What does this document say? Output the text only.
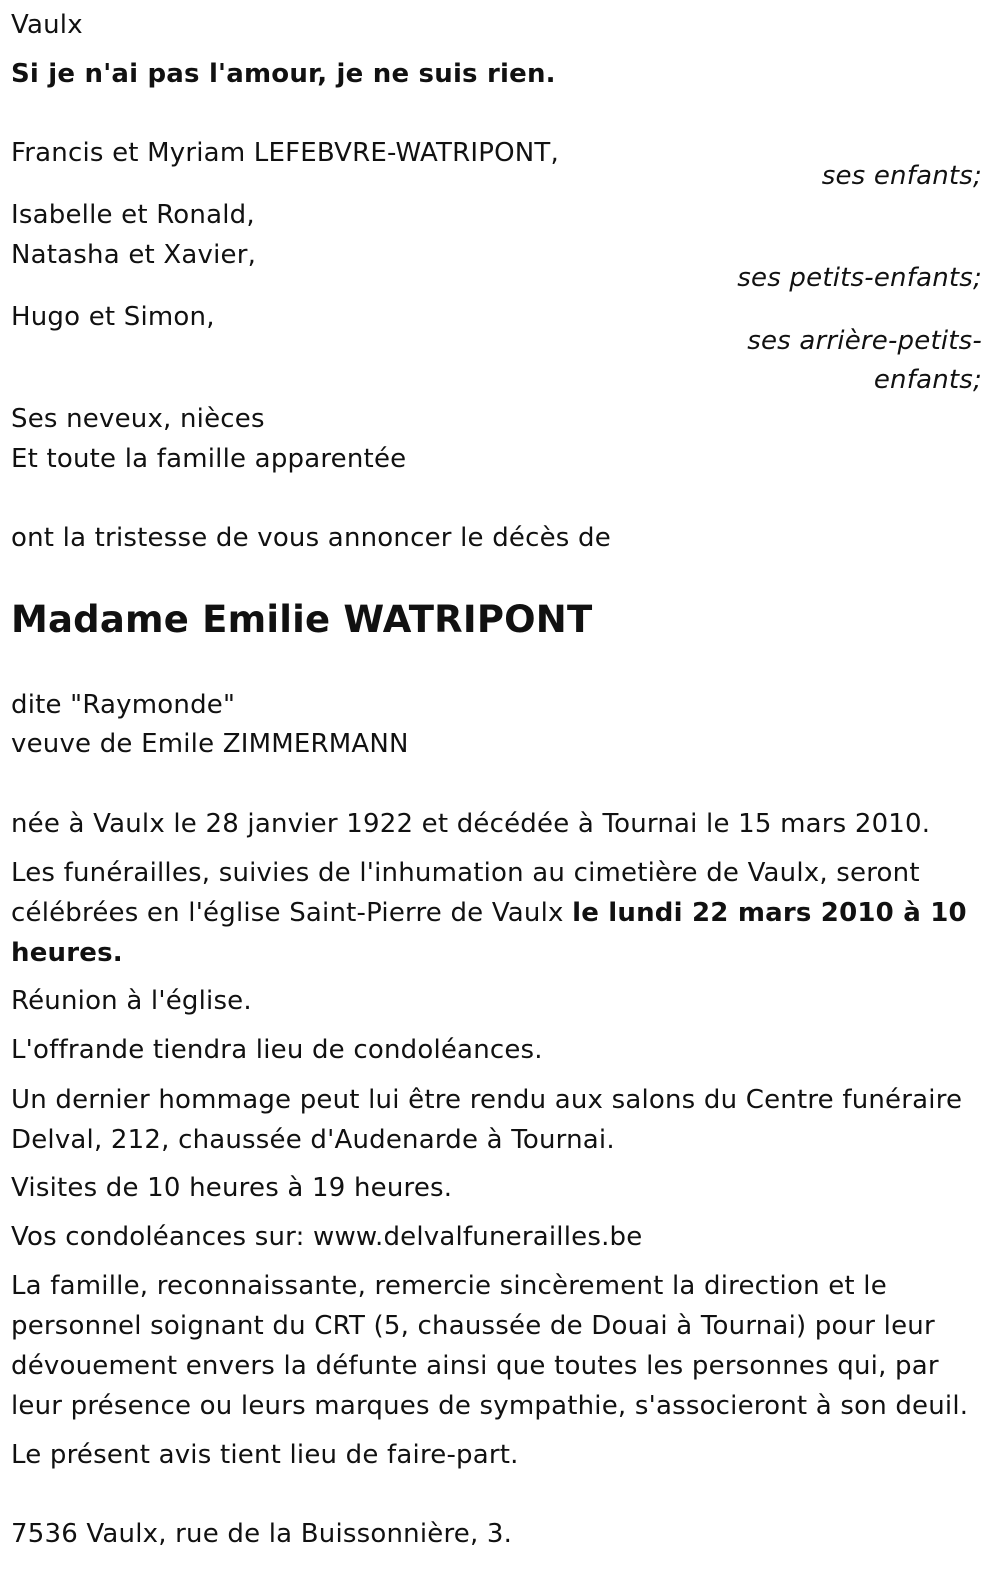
Vaulx
Si je n'ai pas l'amour, je ne suis rien.
Francis et Myriam LEFEBVRE-WATRIPONT,
ses enfants;
Isabelle et Ronald,
Natasha et Xavier,
ses petits-enfants;
Hugo et Simon,
ses arrière-petits-
enfants;
Ses neveux, nièces
Et toute la famille apparentée
ont la tristesse de vous annoncer le décès de
Madame Emilie WATRIPONT
dite "Raymonde"
veuve de Emile ZIMMERMANN
née à Vaulx le 28 janvier 1922 et décédée à Tournai le 15 mars 2010.
Les funérailles, suivies de l'inhumation au cimetière de Vaulx, seront célébrées en l'église Saint-Pierre de Vaulx le lundi 22 mars 2010 à 10 heures.
Réunion à l'église.
L'offrande tiendra lieu de condoléances.
Un dernier hommage peut lui être rendu aux salons du Centre funéraire Delval, 212, chaussée d'Audenarde à Tournai.
Visites de 10 heures à 19 heures.
Vos condoléances sur: www.delvalfunerailles.be
La famille, reconnaissante, remercie sincèrement la direction et le personnel soignant du CRT (5, chaussée de Douai à Tournai) pour leur dévouement envers la défunte ainsi que toutes les personnes qui, par leur présence ou leurs marques de sympathie, s'associeront à son deuil.
Le présent avis tient lieu de faire-part.
7536 Vaulx, rue de la Buissonnière, 3.
